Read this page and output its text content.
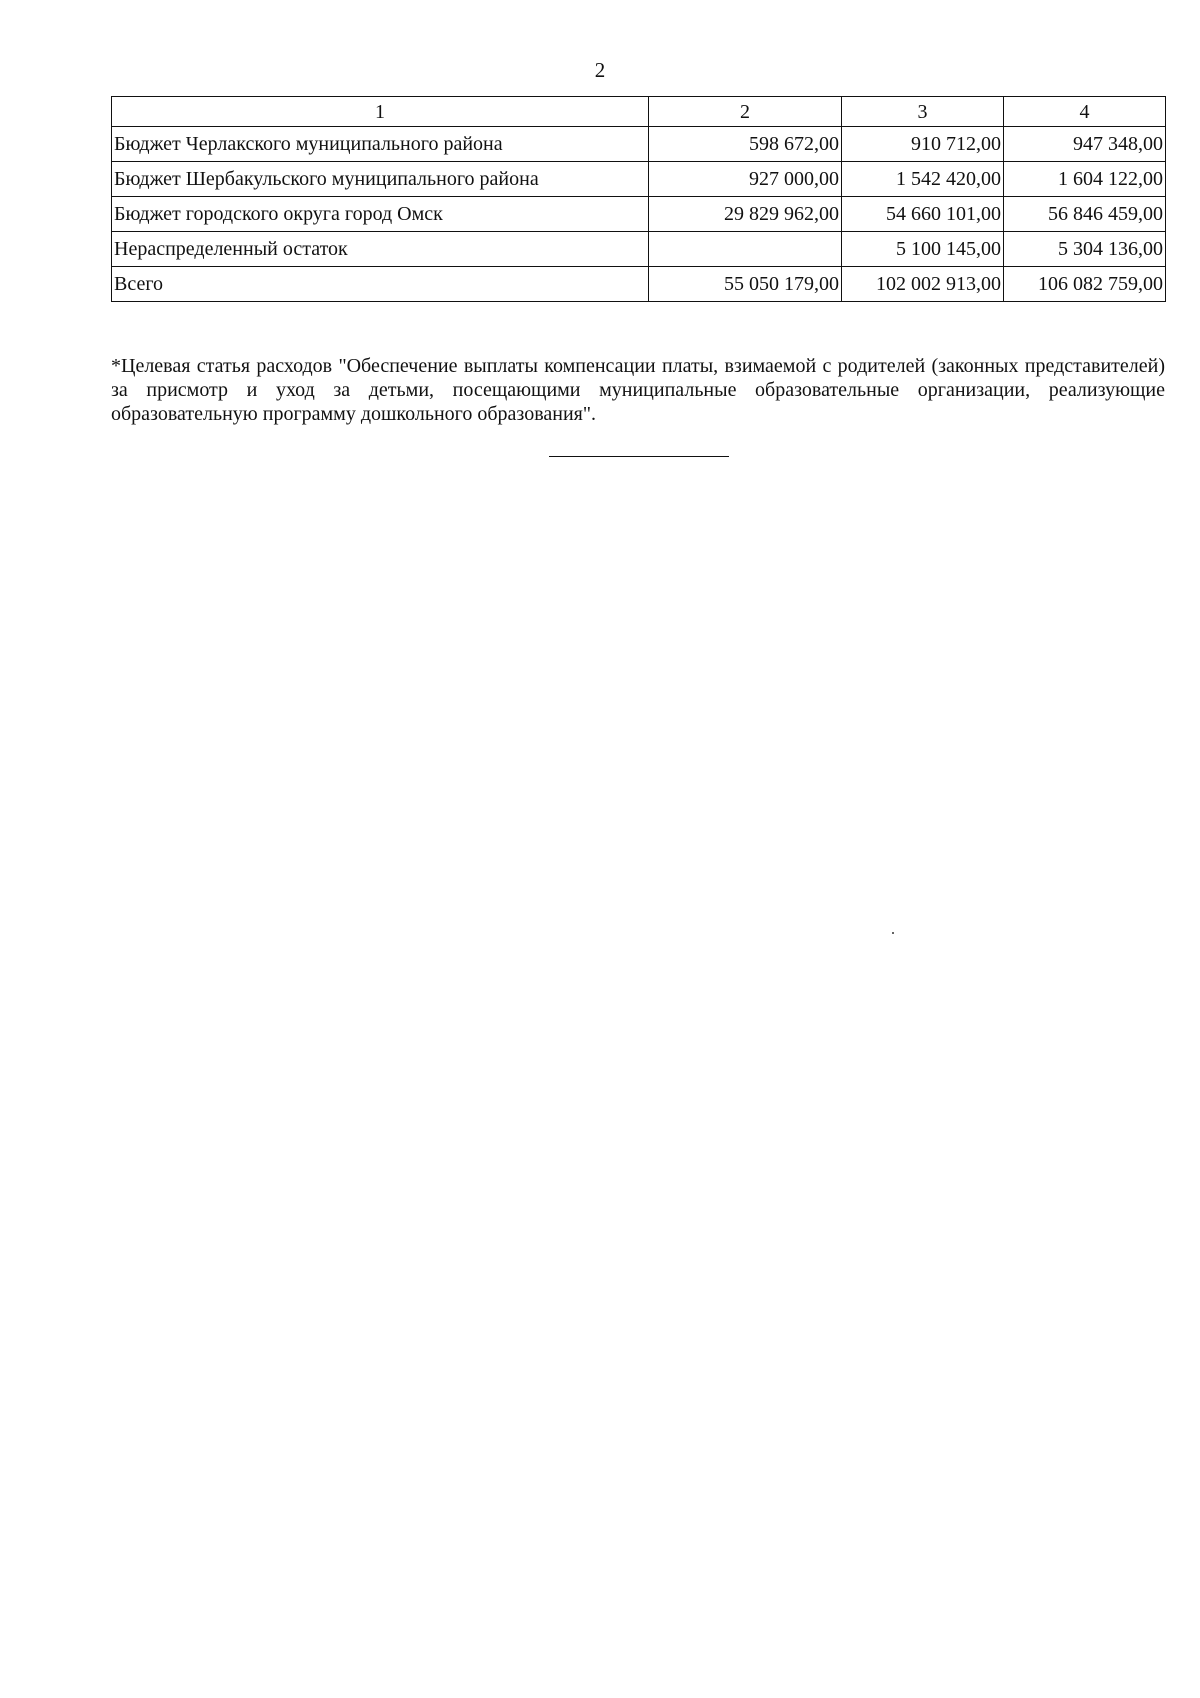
2
1	2	3	4
Бюджет Черлакского муниципального района	598 672,00	910 712,00	947 348,00
Бюджет Шербакульского муниципального района	927 000,00	1 542 420,00	1 604 122,00
Бюджет городского округа город Омск	29 829 962,00	54 660 101,00	56 846 459,00
Нераспределенный остаток		5 100 145,00	5 304 136,00
Всего	55 050 179,00	102 002 913,00	106 082 759,00

*Целевая статья расходов "Обеспечение выплаты компенсации платы, взимаемой с родителей (законных представителей) за присмотр и уход за детьми, посещающими муниципальные образовательные организации, реализующие образовательную программу дошкольного образования".
